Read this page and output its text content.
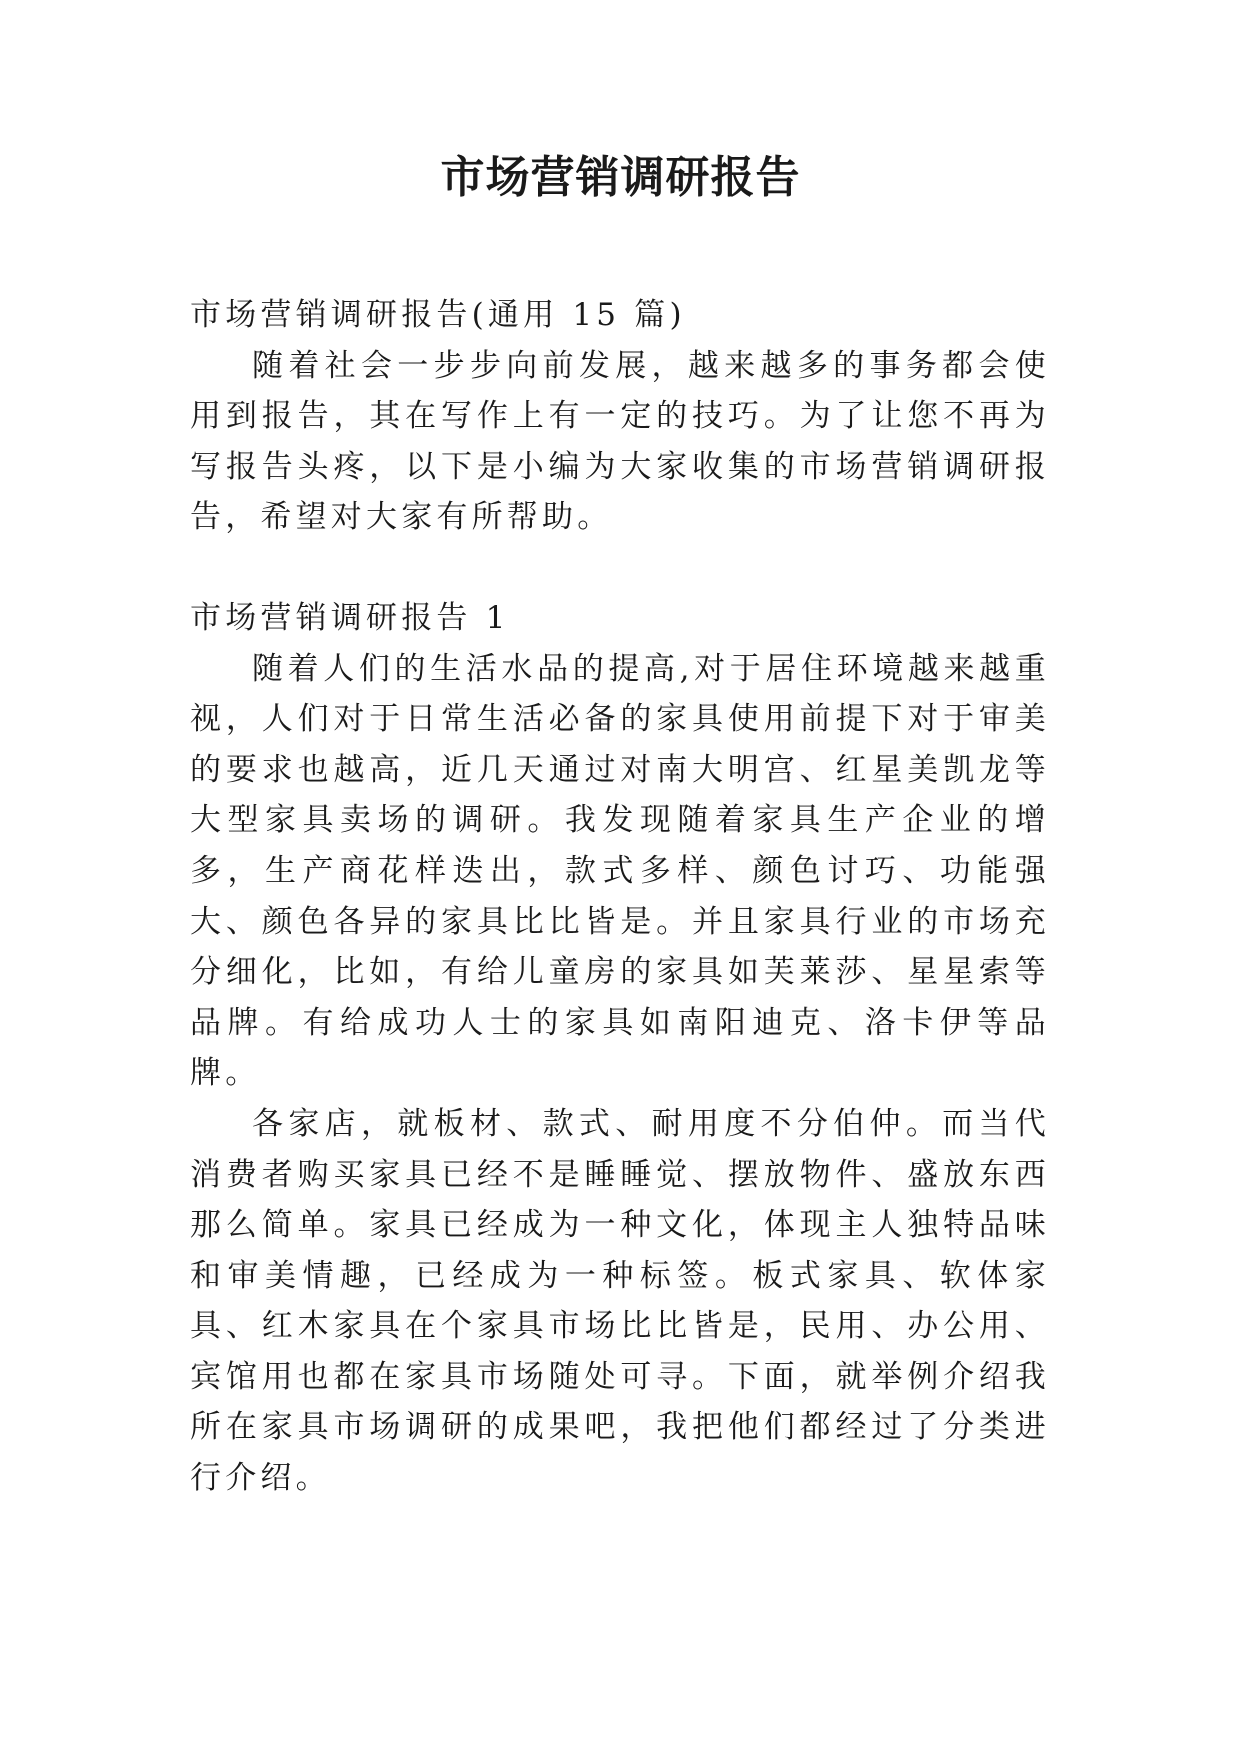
市场营销调研报告

市场营销调研报告(通用 15 篇)

随着社会一步步向前发展，越来越多的事务都会使用到报告，其在写作上有一定的技巧。为了让您不再为写报告头疼，以下是小编为大家收集的市场营销调研报告，希望对大家有所帮助。

市场营销调研报告 1

随着人们的生活水品的提高,对于居住环境越来越重视，人们对于日常生活必备的家具使用前提下对于审美的要求也越高，近几天通过对南大明宫、红星美凯龙等大型家具卖场的调研。我发现随着家具生产企业的增多，生产商花样迭出，款式多样、颜色讨巧、功能强大、颜色各异的家具比比皆是。并且家具行业的市场充分细化，比如，有给儿童房的家具如芙莱莎、星星索等品牌。有给成功人士的家具如南阳迪克、洛卡伊等品牌。

各家店，就板材、款式、耐用度不分伯仲。而当代消费者购买家具已经不是睡睡觉、摆放物件、盛放东西那么简单。家具已经成为一种文化，体现主人独特品味和审美情趣，已经成为一种标签。板式家具、软体家具、红木家具在个家具市场比比皆是，民用、办公用、宾馆用也都在家具市场随处可寻。下面，就举例介绍我所在家具市场调研的成果吧，我把他们都经过了分类进行介绍。
